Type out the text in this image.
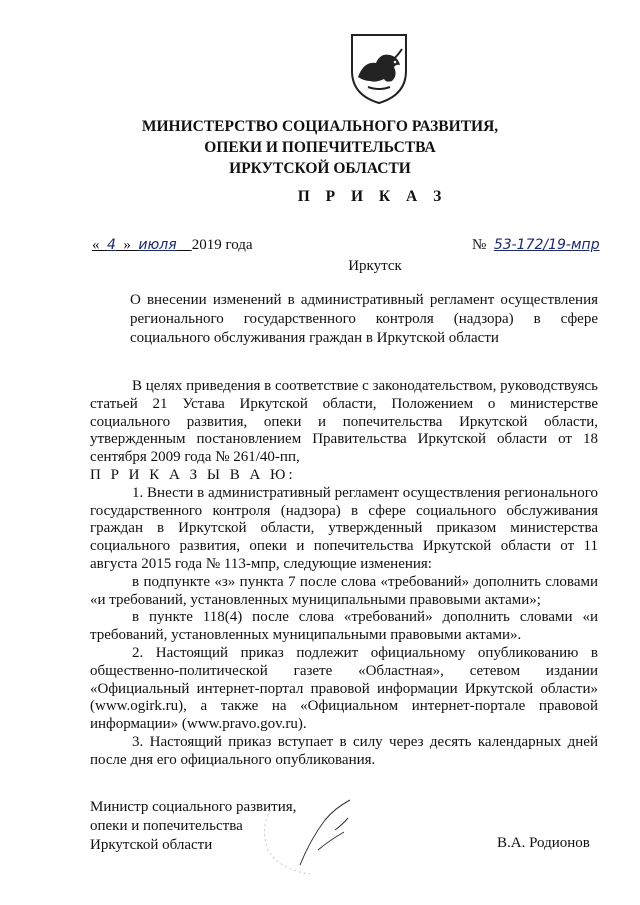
МИНИСТЕРСТВО СОЦИАЛЬНОГО РАЗВИТИЯ,
ОПЕКИ И ПОПЕЧИТЕЛЬСТВА
ИРКУТСКОЙ ОБЛАСТИ
П Р И К А З
« 4 » июля 2019 года	№ 53-172/19-мпр
Иркутск
О внесении изменений в административный регламент осуществления
регионального государственного контроля (надзора) в сфере
социального обслуживания граждан в Иркутской области

В целях приведения в соответствие с законодательством, руководствуясь статьей 21 Устава Иркутской области, Положением о министерстве социального развития, опеки и попечительства Иркутской области, утвержденным постановлением Правительства Иркутской области от 18 сентября 2009 года № 261/40-пп,

П Р И К А З Ы В А Ю:

1. Внести в административный регламент осуществления регионального государственного контроля (надзора) в сфере социального обслуживания граждан в Иркутской области, утвержденный приказом министерства социального развития, опеки и попечительства Иркутской области от 11 августа 2015 года № 113-мпр, следующие изменения:

в подпункте «з» пункта 7 после слова «требований» дополнить словами «и требований, установленных муниципальными правовыми актами»;

в пункте 118(4) после слова «требований» дополнить словами «и требований, установленных муниципальными правовыми актами».

2. Настоящий приказ подлежит официальному опубликованию в общественно-политической газете «Областная», сетевом издании «Официальный интернет-портал правовой информации Иркутской области» (www.ogirk.ru), а также на «Официальном интернет-портале правовой информации» (www.pravo.gov.ru).

3. Настоящий приказ вступает в силу через десять календарных дней после дня его официального опубликования.

Министр социального развития,
опеки и попечительства
Иркутской области	В.А. Родионов
